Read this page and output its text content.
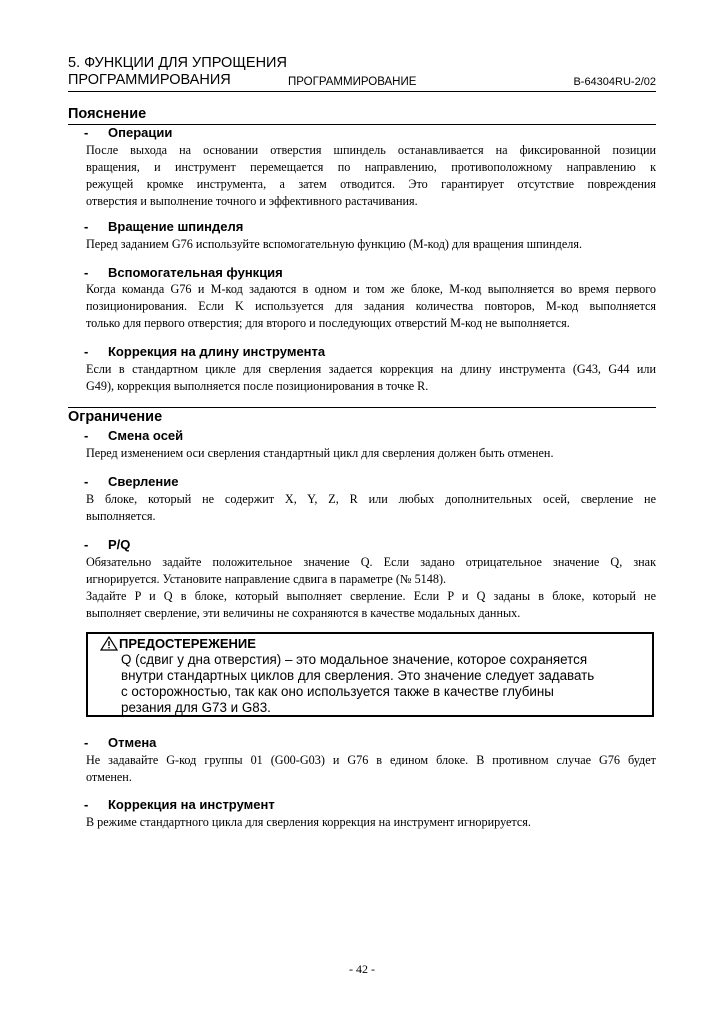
5. ФУНКЦИИ ДЛЯ УПРОЩЕНИЯ
ПРОГРАММИРОВАНИЯ	ПРОГРАММИРОВАНИЕ	B-64304RU-2/02
Пояснение
- Операции
После выхода на основании отверстия шпиндель останавливается на фиксированной позиции
вращения, и инструмент перемещается по направлению, противоположному направлению к
режущей кромке инструмента, а затем отводится. Это гарантирует отсутствие повреждения
отверстия и выполнение точного и эффективного растачивания.
- Вращение шпинделя
Перед заданием G76 используйте вспомогательную функцию (M-код) для вращения шпинделя.
- Вспомогательная функция
Когда команда G76 и M-код задаются в одном и том же блоке, M-код выполняется во время первого
позиционирования. Если K используется для задания количества повторов, M-код выполняется
только для первого отверстия; для второго и последующих отверстий M-код не выполняется.
- Коррекция на длину инструмента
Если в стандартном цикле для сверления задается коррекция на длину инструмента (G43, G44 или
G49), коррекция выполняется после позиционирования в точке R.
Ограничение
- Смена осей
Перед изменением оси сверления стандартный цикл для сверления должен быть отменен.
- Сверление
В блоке, который не содержит X, Y, Z, R или любых дополнительных осей, сверление не
выполняется.
- P/Q
Обязательно задайте положительное значение Q. Если задано отрицательное значение Q, знак
игнорируется. Установите направление сдвига в параметре (№ 5148).
Задайте P и Q в блоке, который выполняет сверление. Если P и Q заданы в блоке, который не
выполняет сверление, эти величины не сохраняются в качестве модальных данных.
ПРЕДОСТЕРЕЖЕНИЕ
Q (сдвиг у дна отверстия) – это модальное значение, которое сохраняется
внутри стандартных циклов для сверления. Это значение следует задавать
с осторожностью, так как оно используется также в качестве глубины
резания для G73 и G83.
- Отмена
Не задавайте G-код группы 01 (G00-G03) и G76 в едином блоке. В противном случае G76 будет
отменен.
- Коррекция на инструмент
В режиме стандартного цикла для сверления коррекция на инструмент игнорируется.
- 42 -
